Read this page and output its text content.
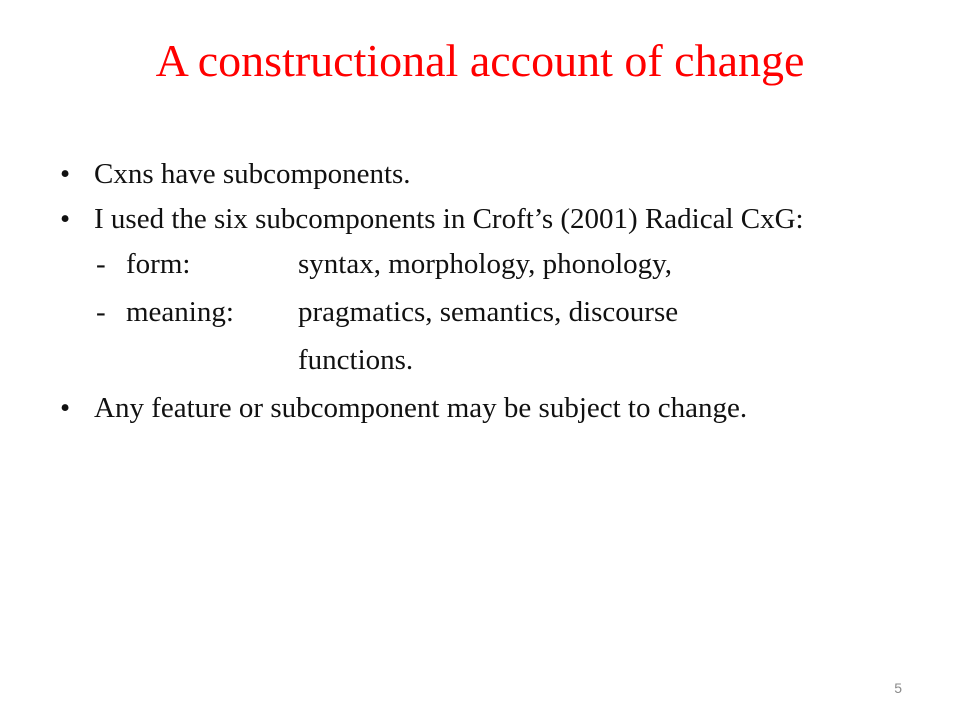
A constructional account of change
• Cxns have subcomponents.
• I used the six subcomponents in Croft’s (2001) Radical CxG:
- form:	syntax, morphology, phonology,
- meaning: pragmatics, semantics, discourse
functions.
• Any feature or subcomponent may be subject to change.
5
